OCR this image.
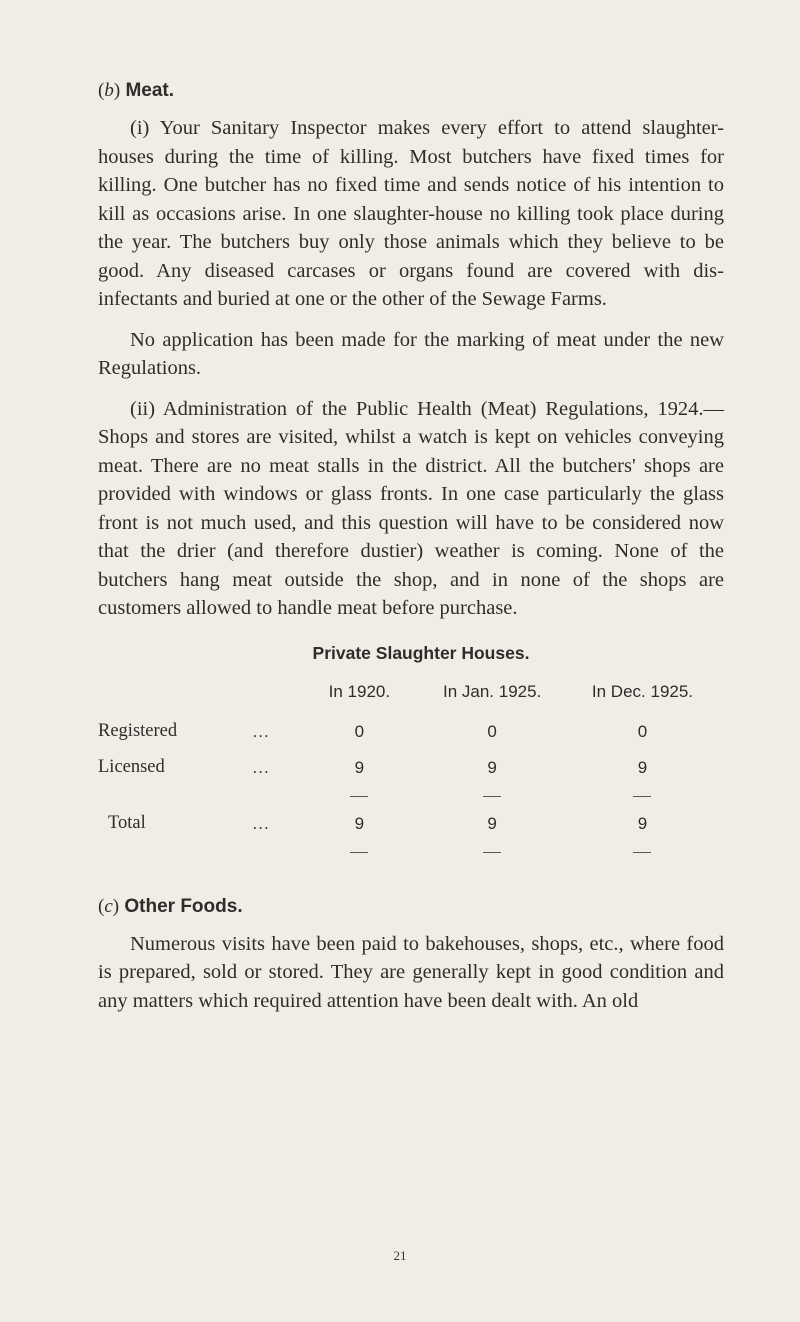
(b) Meat.

(i) Your Sanitary Inspector makes every effort to attend slaughter-houses during the time of killing. Most butchers have fixed times for killing. One butcher has no fixed time and sends notice of his intention to kill as occasions arise. In one slaughter-house no killing took place during the year. The butchers buy only those animals which they believe to be good. Any diseased carcases or organs found are covered with dis- infectants and buried at one or the other of the Sewage Farms.

No application has been made for the marking of meat under the new Regulations.

(ii) Administration of the Public Health (Meat) Regulations, 1924.—Shops and stores are visited, whilst a watch is kept on vehicles conveying meat. There are no meat stalls in the district. All the butchers' shops are provided with windows or glass fronts. In one case particularly the glass front is not much used, and this question will have to be considered now that the drier (and therefore dustier) weather is coming. None of the butchers hang meat outside the shop, and in none of the shops are customers allowed to handle meat before purchase.

Private Slaughter Houses.
		In 1920.	In Jan. 1925.	In Dec. 1925.
Registered	...	0	0	0
Licensed	...	9	9	9

Total	...	9	9	9

(c) Other Foods.

Numerous visits have been paid to bakehouses, shops, etc., where food is prepared, sold or stored. They are generally kept in good condition and any matters which required attention have been dealt with. An old

21
